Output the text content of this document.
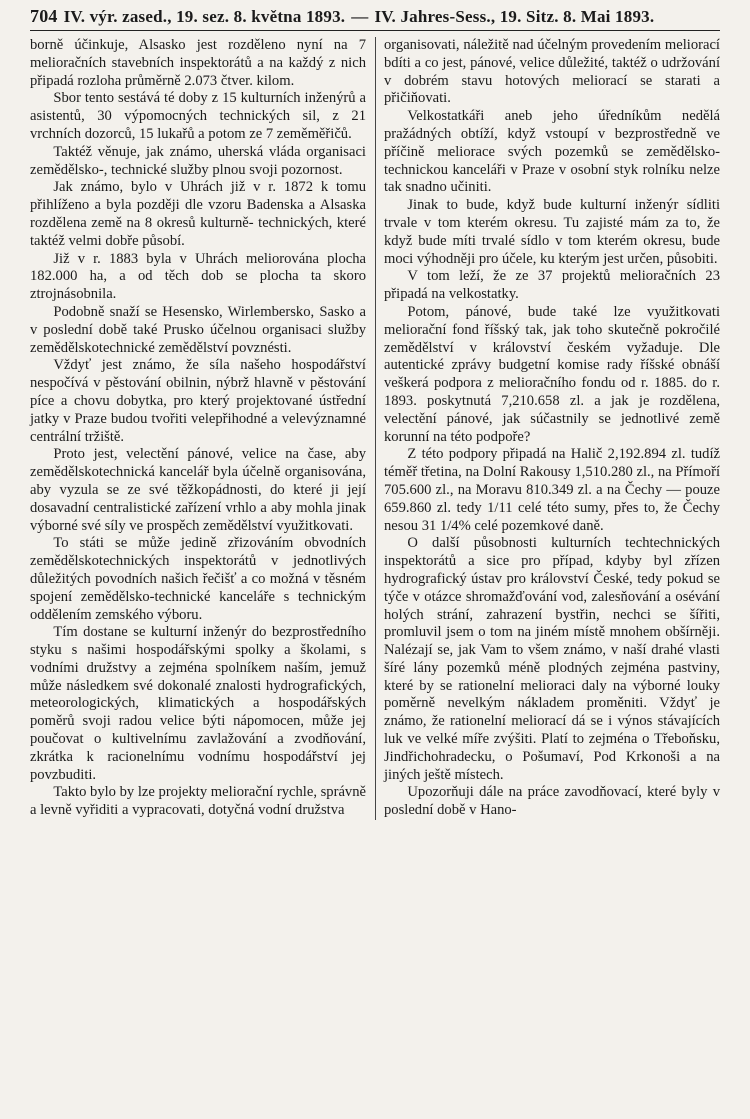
704 IV. výr. zased., 19. sez. 8. května 1893. — IV. Jahres-Sess., 19. Sitz. 8. Mai 1893.

borně účinkuje, Alsasko jest rozděleno nyní na 7 melioračních stavebních inspektorátů a na každý z nich připadá rozloha průměrně 2.073 čtver. kilom.

Sbor tento sestává té doby z 15 kulturních inženýrů a asistentů, 30 výpomocných technických sil, z 21 vrchních dozorců, 15 lukařů a potom ze 7 zeměměřičů.

Taktéž věnuje, jak známo, uherská vláda organisaci zemědělsko-, technické služby plnou svoji pozornost.

Jak známo, bylo v Uhrách již v r. 1872 k tomu přihlíženo a byla později dle vzoru Badenska a Alsaska rozdělena země na 8 okresů kulturně- technických, které taktéž velmi dobře působí.

Již v r. 1883 byla v Uhrách meliorována plocha 182.000 ha, a od těch dob se plocha ta skoro ztrojnásobnila.

Podobně snaží se Hesensko, Wirlembersko, Sasko a v poslední době také Prusko účelnou organisaci služby zemědělskotechnické zemědělství povznésti.

Vždyť jest známo, že síla našeho hospodářství nespočívá v pěstování obilnin, nýbrž hlavně v pěstování píce a chovu dobytka, pro který projektované ústřední jatky v Praze budou tvořiti velepřihodné a velevýznamné centrální tržiště.

Proto jest, velectění pánové, velice na čase, aby zemědělskotechnická kancelář byla účelně organisována, aby vyzula se ze své těžkopádnosti, do které ji její dosavadní centralistické zařízení vrhlo a aby mohla jinak výborné své síly ve prospěch zemědělství využitkovati.

To státi se může jedině zřizováním obvodních zemědělskotechnických inspektorátů v jednotlivých důležitých povodních našich řečišť a co možná v těsném spojení zemědělsko-technické kanceláře s technickým oddělením zemského výboru.

Tím dostane se kulturní inženýr do bezprostředního styku s našimi hospodářskými spolky a školami, s vodními družstvy a zejména spolníkem naším, jemuž může následkem své dokonalé znalosti hydrografických, meteorologických, klimatických a hospodářských poměrů svoji radou velice býti nápomocen, může jej poučovat o kultivelnímu zavlažování a zvodňování, zkrátka k racionelnímu vodnímu hospodářství jej povzbuditi.

Takto bylo by lze projekty meliorační rychle, správně a levně vyřiditi a vypracovati, dotyčná vodní družstva

organisovati, náležitě nad účelným provedením meliorací bdíti a co jest, pánové, velice důležité, taktéž o udržování v dobrém stavu hotových meliorací se starati a přičiňovati.

Velkostatkáři aneb jeho úředníkům nedělá pražádných obtíží, když vstoupí v bezprostředně ve příčině meliorace svých pozemků se zemědělsko-technickou kanceláři v Praze v osobní styk rolníku nelze tak snadno učiniti.

Jinak to bude, když bude kulturní inženýr sídliti trvale v tom kterém okresu. Tu zajisté mám za to, že když bude míti trvalé sídlo v tom kterém okresu, bude moci výhodněji pro účele, ku kterým jest určen, působiti.

V tom leží, že ze 37 projektů melioračních 23 připadá na velkostatky.

Potom, pánové, bude také lze využitkovati meliorační fond říšský tak, jak toho skutečně pokročilé zemědělství v království českém vyžaduje. Dle autentické zprávy budgetní komise rady říšské obnáší veškerá podpora z melioračního fondu od r. 1885. do r. 1893. poskytnutá 7,210.658 zl. a jak je rozdělena, velectění pánové, jak súčastnily se jednotlivé země korunní na této podpoře?

Z této podpory připadá na Halič 2,192.894 zl. tudíž téměř třetina, na Dolní Rakousy 1,510.280 zl., na Přímoří 705.600 zl., na Moravu 810.349 zl. a na Čechy — pouze 659.860 zl. tedy 1/11 celé této sumy, přes to, že Čechy nesou 31 1/4% celé pozemkové daně.

O další působnosti kulturních techtechnických inspektorátů a sice pro případ, kdyby byl zřízen hydrografický ústav pro království České, tedy pokud se týče v otázce shromažďování vod, zalesňování a osévání holých strání, zahrazení bystřin, nechci se šířiti, promluvil jsem o tom na jiném místě mnohem obšírněji. Nalézají se, jak Vam to všem známo, v naší drahé vlasti šíré lány pozemků méně plodných zejména pastviny, které by se rationelní melioraci daly na výborné louky poměrně nevelkým nákladem proměniti. Vždyť je známo, že rationelní meliorací dá se i výnos stávajících luk ve velké míře zvýšiti. Platí to zejména o Třeboňsku, Jindřichohradecku, o Pošumaví, Pod Krkonoši a na jiných ještě místech.

Upozorňuji dále na práce zavodňovací, které byly v poslední době v Hano-
